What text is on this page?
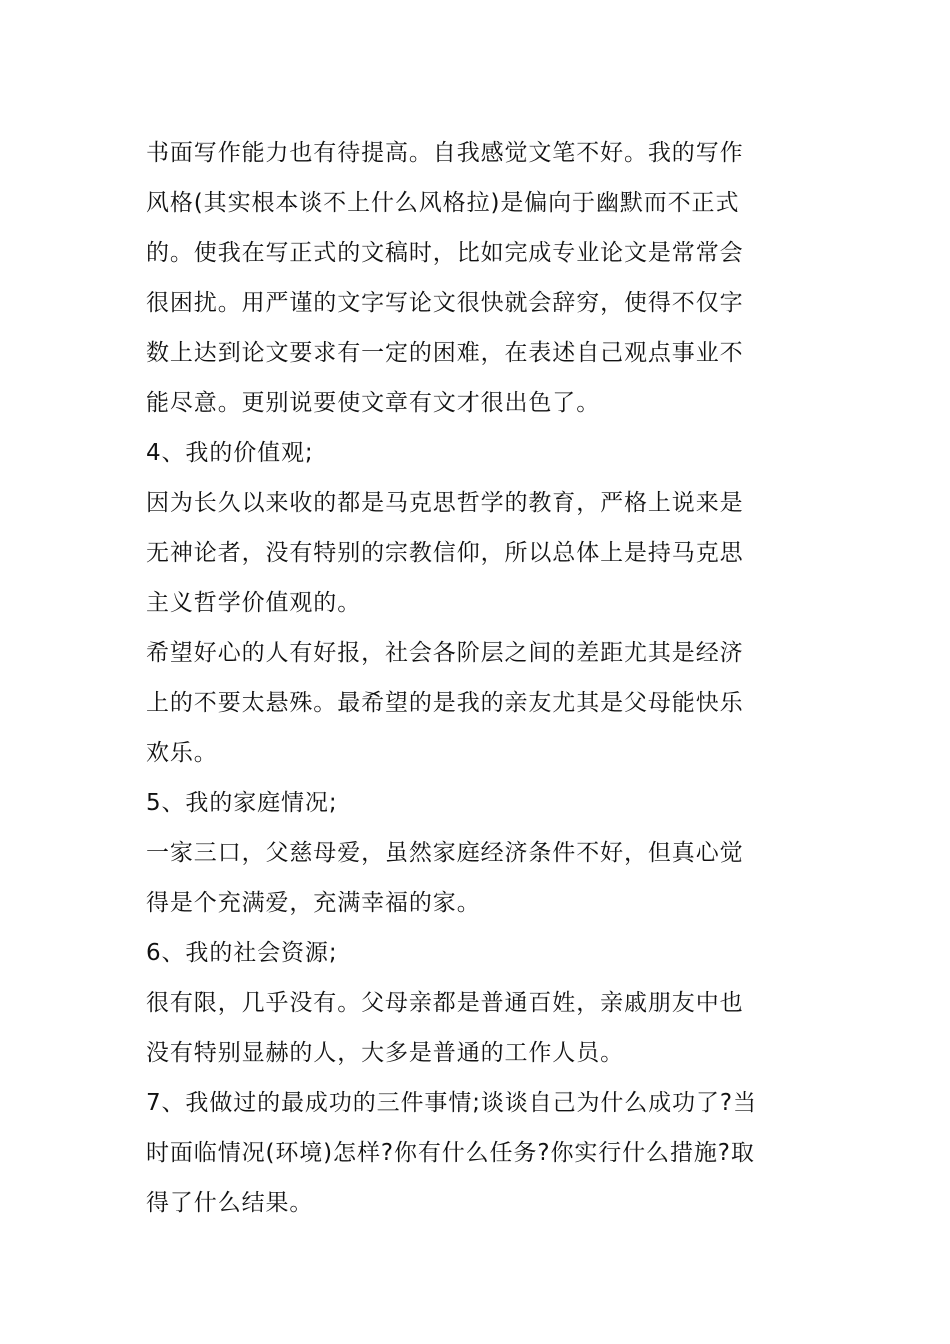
书面写作能力也有待提高。自我感觉文笔不好。我的写作
风格(其实根本谈不上什么风格拉)是偏向于幽默而不正式
的。使我在写正式的文稿时，比如完成专业论文是常常会
很困扰。用严谨的文字写论文很快就会辞穷，使得不仅字
数上达到论文要求有一定的困难，在表述自己观点事业不
能尽意。更别说要使文章有文才很出色了。
4、我的价值观;
因为长久以来收的都是马克思哲学的教育，严格上说来是
无神论者，没有特别的宗教信仰，所以总体上是持马克思
主义哲学价值观的。
希望好心的人有好报，社会各阶层之间的差距尤其是经济
上的不要太悬殊。最希望的是我的亲友尤其是父母能快乐
欢乐。
5、我的家庭情况;
一家三口，父慈母爱，虽然家庭经济条件不好，但真心觉
得是个充满爱，充满幸福的家。
6、我的社会资源;
很有限，几乎没有。父母亲都是普通百姓，亲戚朋友中也
没有特别显赫的人，大多是普通的工作人员。
7、我做过的最成功的三件事情;谈谈自己为什么成功了?当
时面临情况(环境)怎样?你有什么任务?你实行什么措施?取
得了什么结果。
